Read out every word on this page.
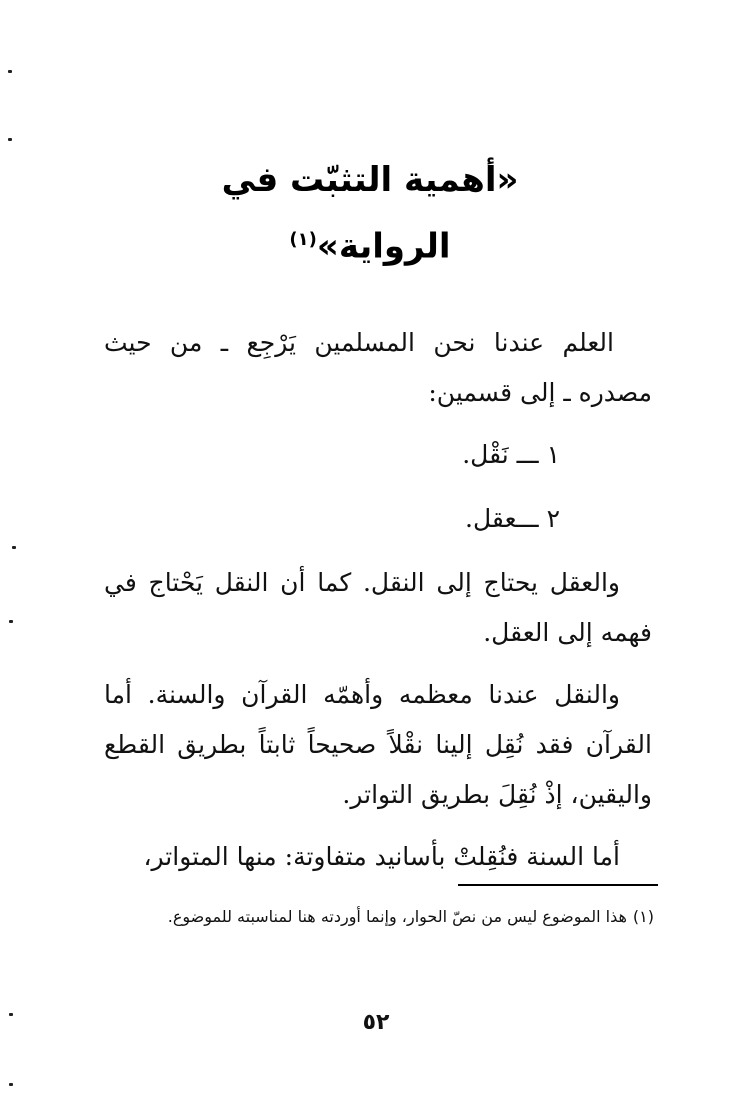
«أهمية التثبّت في الرواية»$^{(١)}$

العلم عندنا نحن المسلمين يَرْجِع ـ من حيث مصدره ـ إلى قسمين:

١ ـــ نَقْل.

٢ ـــعقل.

والعقل يحتاج إلى النقل. كما أن النقل يَحْتاج في فهمه إلى العقل.

والنقل عندنا معظمه وأهمّه القرآن والسنة. أما القرآن فقد نُقِل إلينا نقْلاً صحيحاً ثابتاً بطريق القطع واليقين، إذْ نُقِلَ بطريق التواتر.

أما السنة فنُقِلتْ بأسانيد متفاوتة: منها المتواتر،

(١)هذا الموضوع ليس من نصّ الحوار، وإنما أوردته هنا لمناسبته للموضوع.
٥٢
